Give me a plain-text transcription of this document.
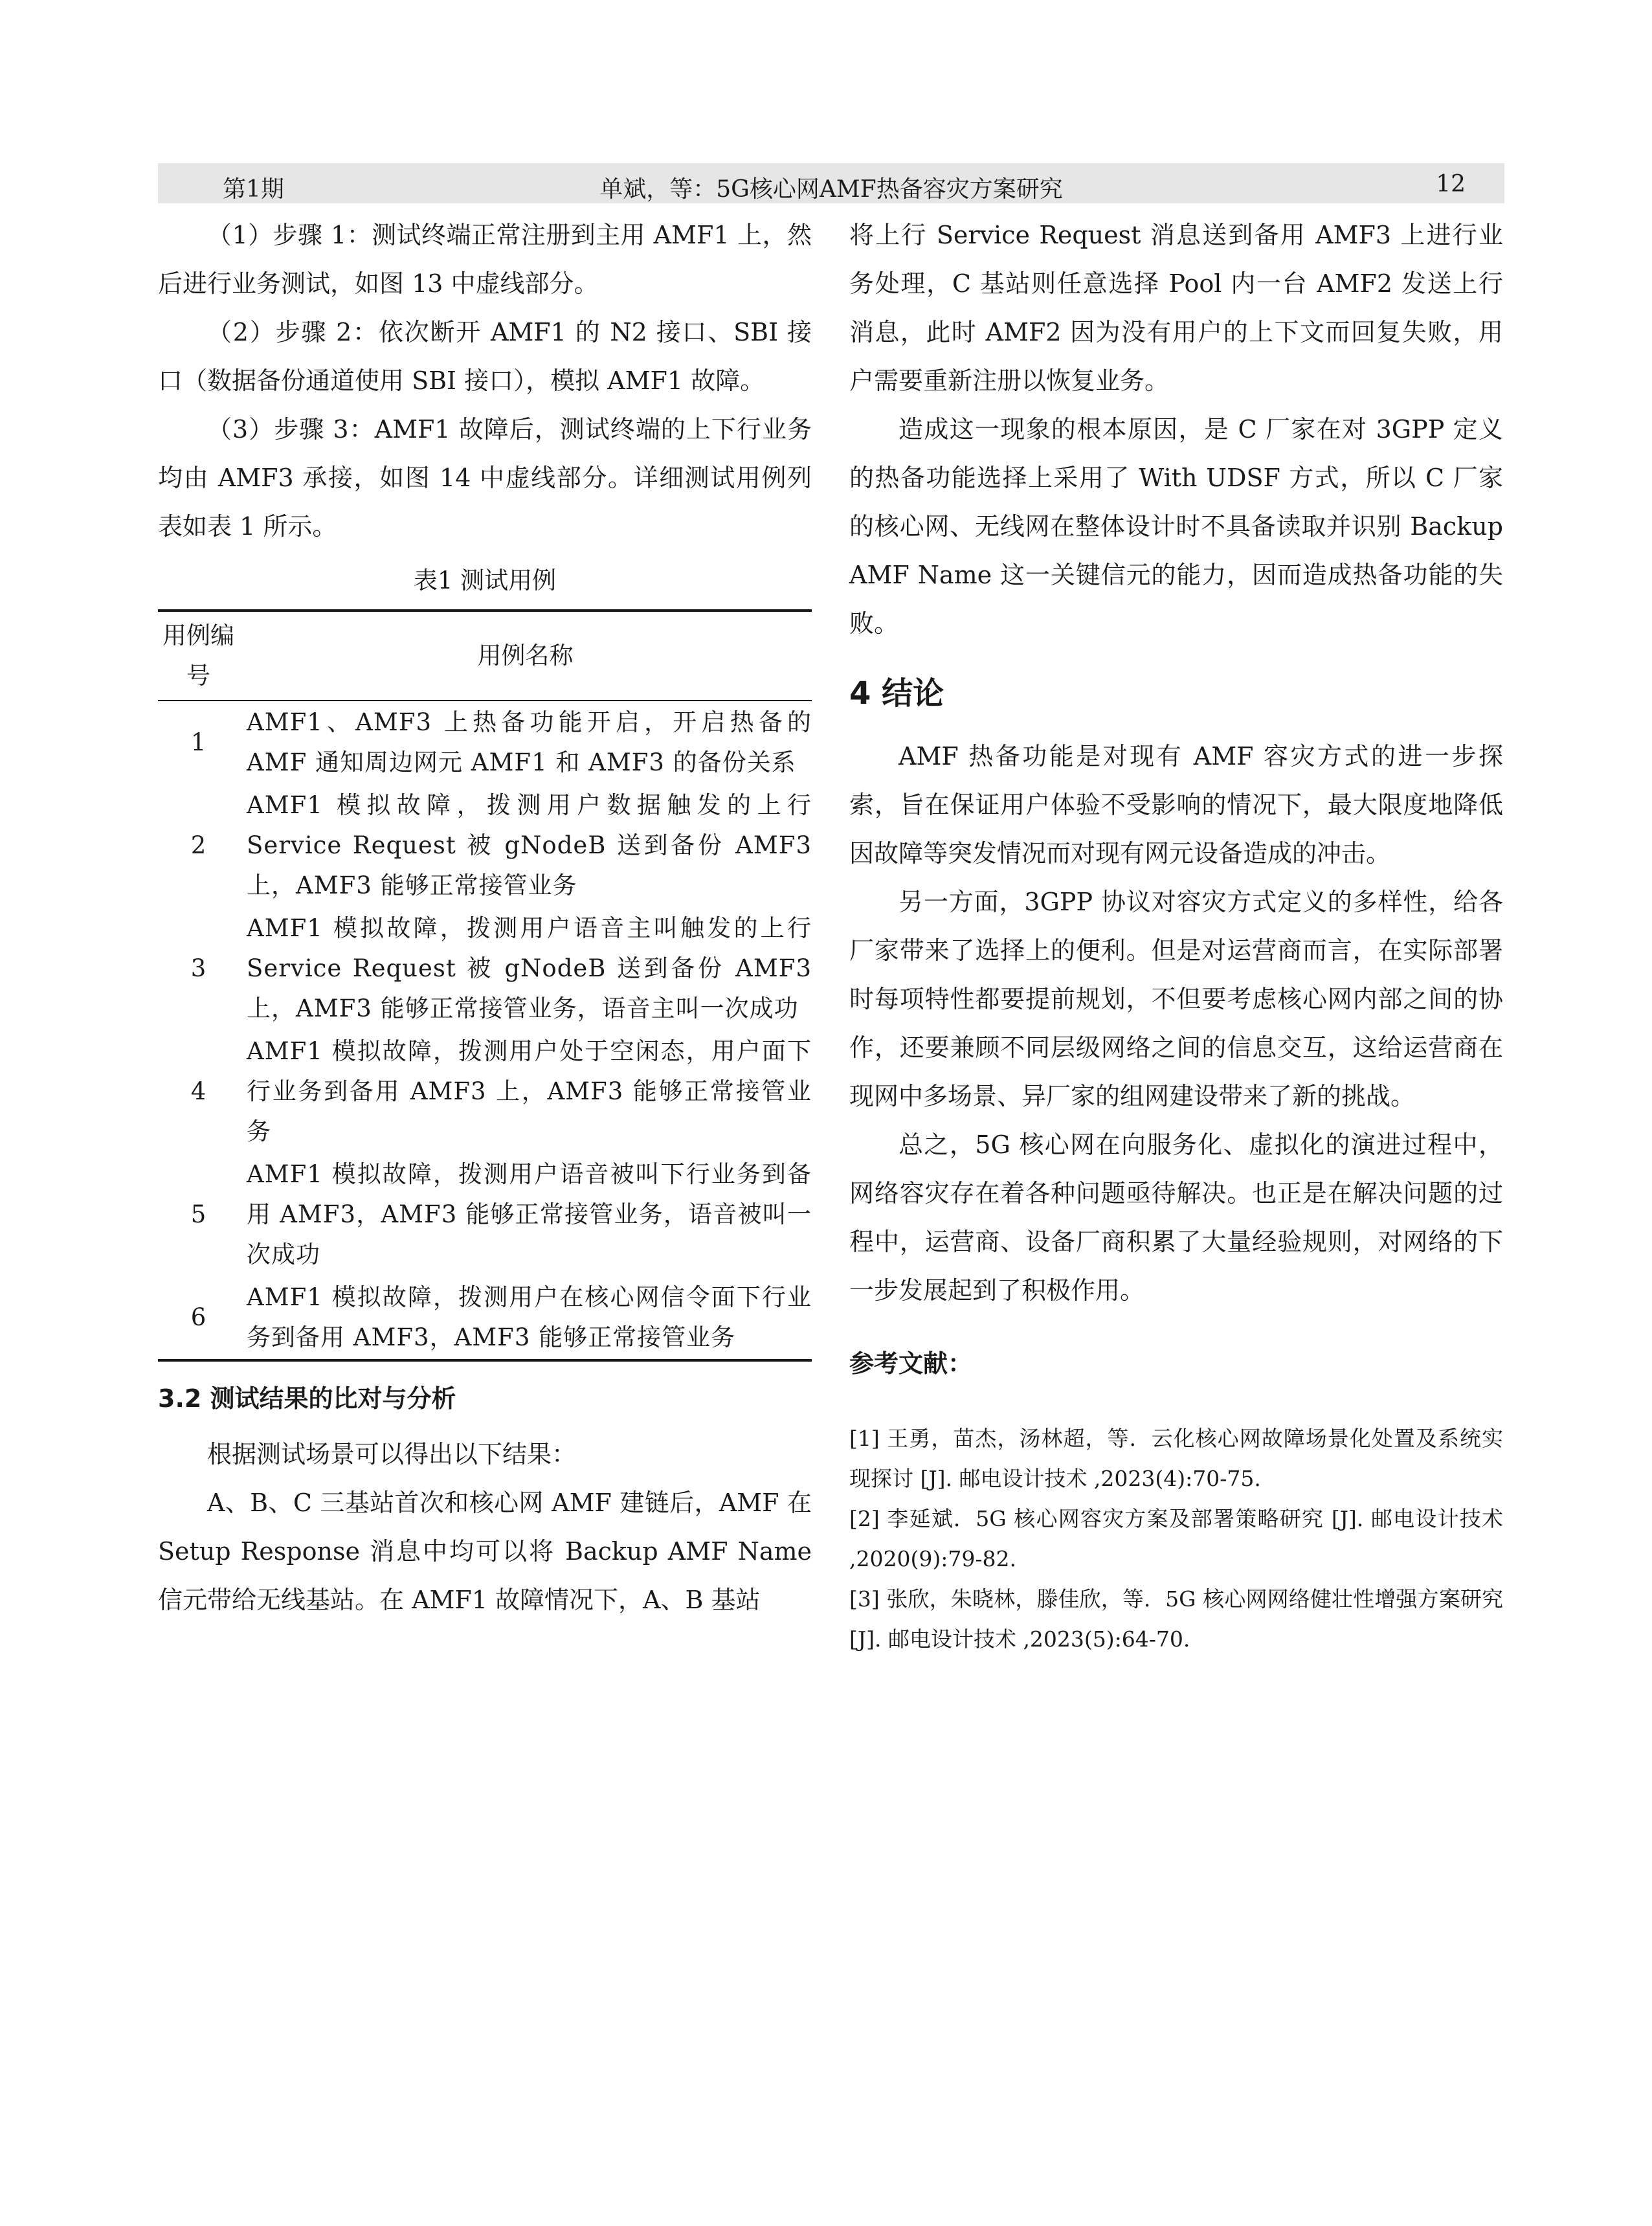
第1期	单斌，等：5G核心网AMF热备容灾方案研究	12

（1）步骤 1：测试终端正常注册到主用 AMF1 上，然后进行业务测试，如图 13 中虚线部分。

（2）步骤 2：依次断开 AMF1 的 N2 接口、SBI 接口（数据备份通道使用 SBI 接口），模拟 AMF1 故障。

（3）步骤 3：AMF1 故障后，测试终端的上下行业务均由 AMF3 承接，如图 14 中虚线部分。详细测试用例列表如表 1 所示。

表1 测试用例
用例编号	用例名称
1	AMF1、AMF3 上热备功能开启，开启热备的 AMF 通知周边网元 AMF1 和 AMF3 的备份关系
2	AMF1 模拟故障，拨测用户数据触发的上行 Service Request 被 gNodeB 送到备份 AMF3 上，AMF3 能够正常接管业务
3	AMF1 模拟故障，拨测用户语音主叫触发的上行 Service Request 被 gNodeB 送到备份 AMF3 上，AMF3 能够正常接管业务，语音主叫一次成功
4	AMF1 模拟故障，拨测用户处于空闲态，用户面下行业务到备用 AMF3 上，AMF3 能够正常接管业务
5	AMF1 模拟故障，拨测用户语音被叫下行业务到备用 AMF3，AMF3 能够正常接管业务，语音被叫一次成功
6	AMF1 模拟故障，拨测用户在核心网信令面下行业务到备用 AMF3，AMF3 能够正常接管业务
3.2 测试结果的比对与分析

根据测试场景可以得出以下结果：

A、B、C 三基站首次和核心网 AMF 建链后，AMF 在 Setup Response 消息中均可以将 Backup AMF Name 信元带给无线基站。在 AMF1 故障情况下，A、B 基站

将上行 Service Request 消息送到备用 AMF3 上进行业务处理，C 基站则任意选择 Pool 内一台 AMF2 发送上行消息，此时 AMF2 因为没有用户的上下文而回复失败，用户需要重新注册以恢复业务。

造成这一现象的根本原因，是 C 厂家在对 3GPP 定义的热备功能选择上采用了 With UDSF 方式，所以 C 厂家的核心网、无线网在整体设计时不具备读取并识别 Backup AMF Name 这一关键信元的能力，因而造成热备功能的失败。

4 结论

AMF 热备功能是对现有 AMF 容灾方式的进一步探索，旨在保证用户体验不受影响的情况下，最大限度地降低因故障等突发情况而对现有网元设备造成的冲击。

另一方面，3GPP 协议对容灾方式定义的多样性，给各厂家带来了选择上的便利。但是对运营商而言，在实际部署时每项特性都要提前规划，不但要考虑核心网内部之间的协作，还要兼顾不同层级网络之间的信息交互，这给运营商在现网中多场景、异厂家的组网建设带来了新的挑战。

总之，5G 核心网在向服务化、虚拟化的演进过程中，网络容灾存在着各种问题亟待解决。也正是在解决问题的过程中，运营商、设备厂商积累了大量经验规则，对网络的下一步发展起到了积极作用。

参考文献：

[1] 王勇，苗杰，汤林超，等．云化核心网故障场景化处置及系统实现探讨 [J]. 邮电设计技术 ,2023(4):70-75.

[2] 李延斌．5G 核心网容灾方案及部署策略研究 [J]. 邮电设计技术 ,2020(9):79-82.

[3] 张欣，朱晓林，滕佳欣，等．5G 核心网网络健壮性增强方案研究 [J]. 邮电设计技术 ,2023(5):64-70.
